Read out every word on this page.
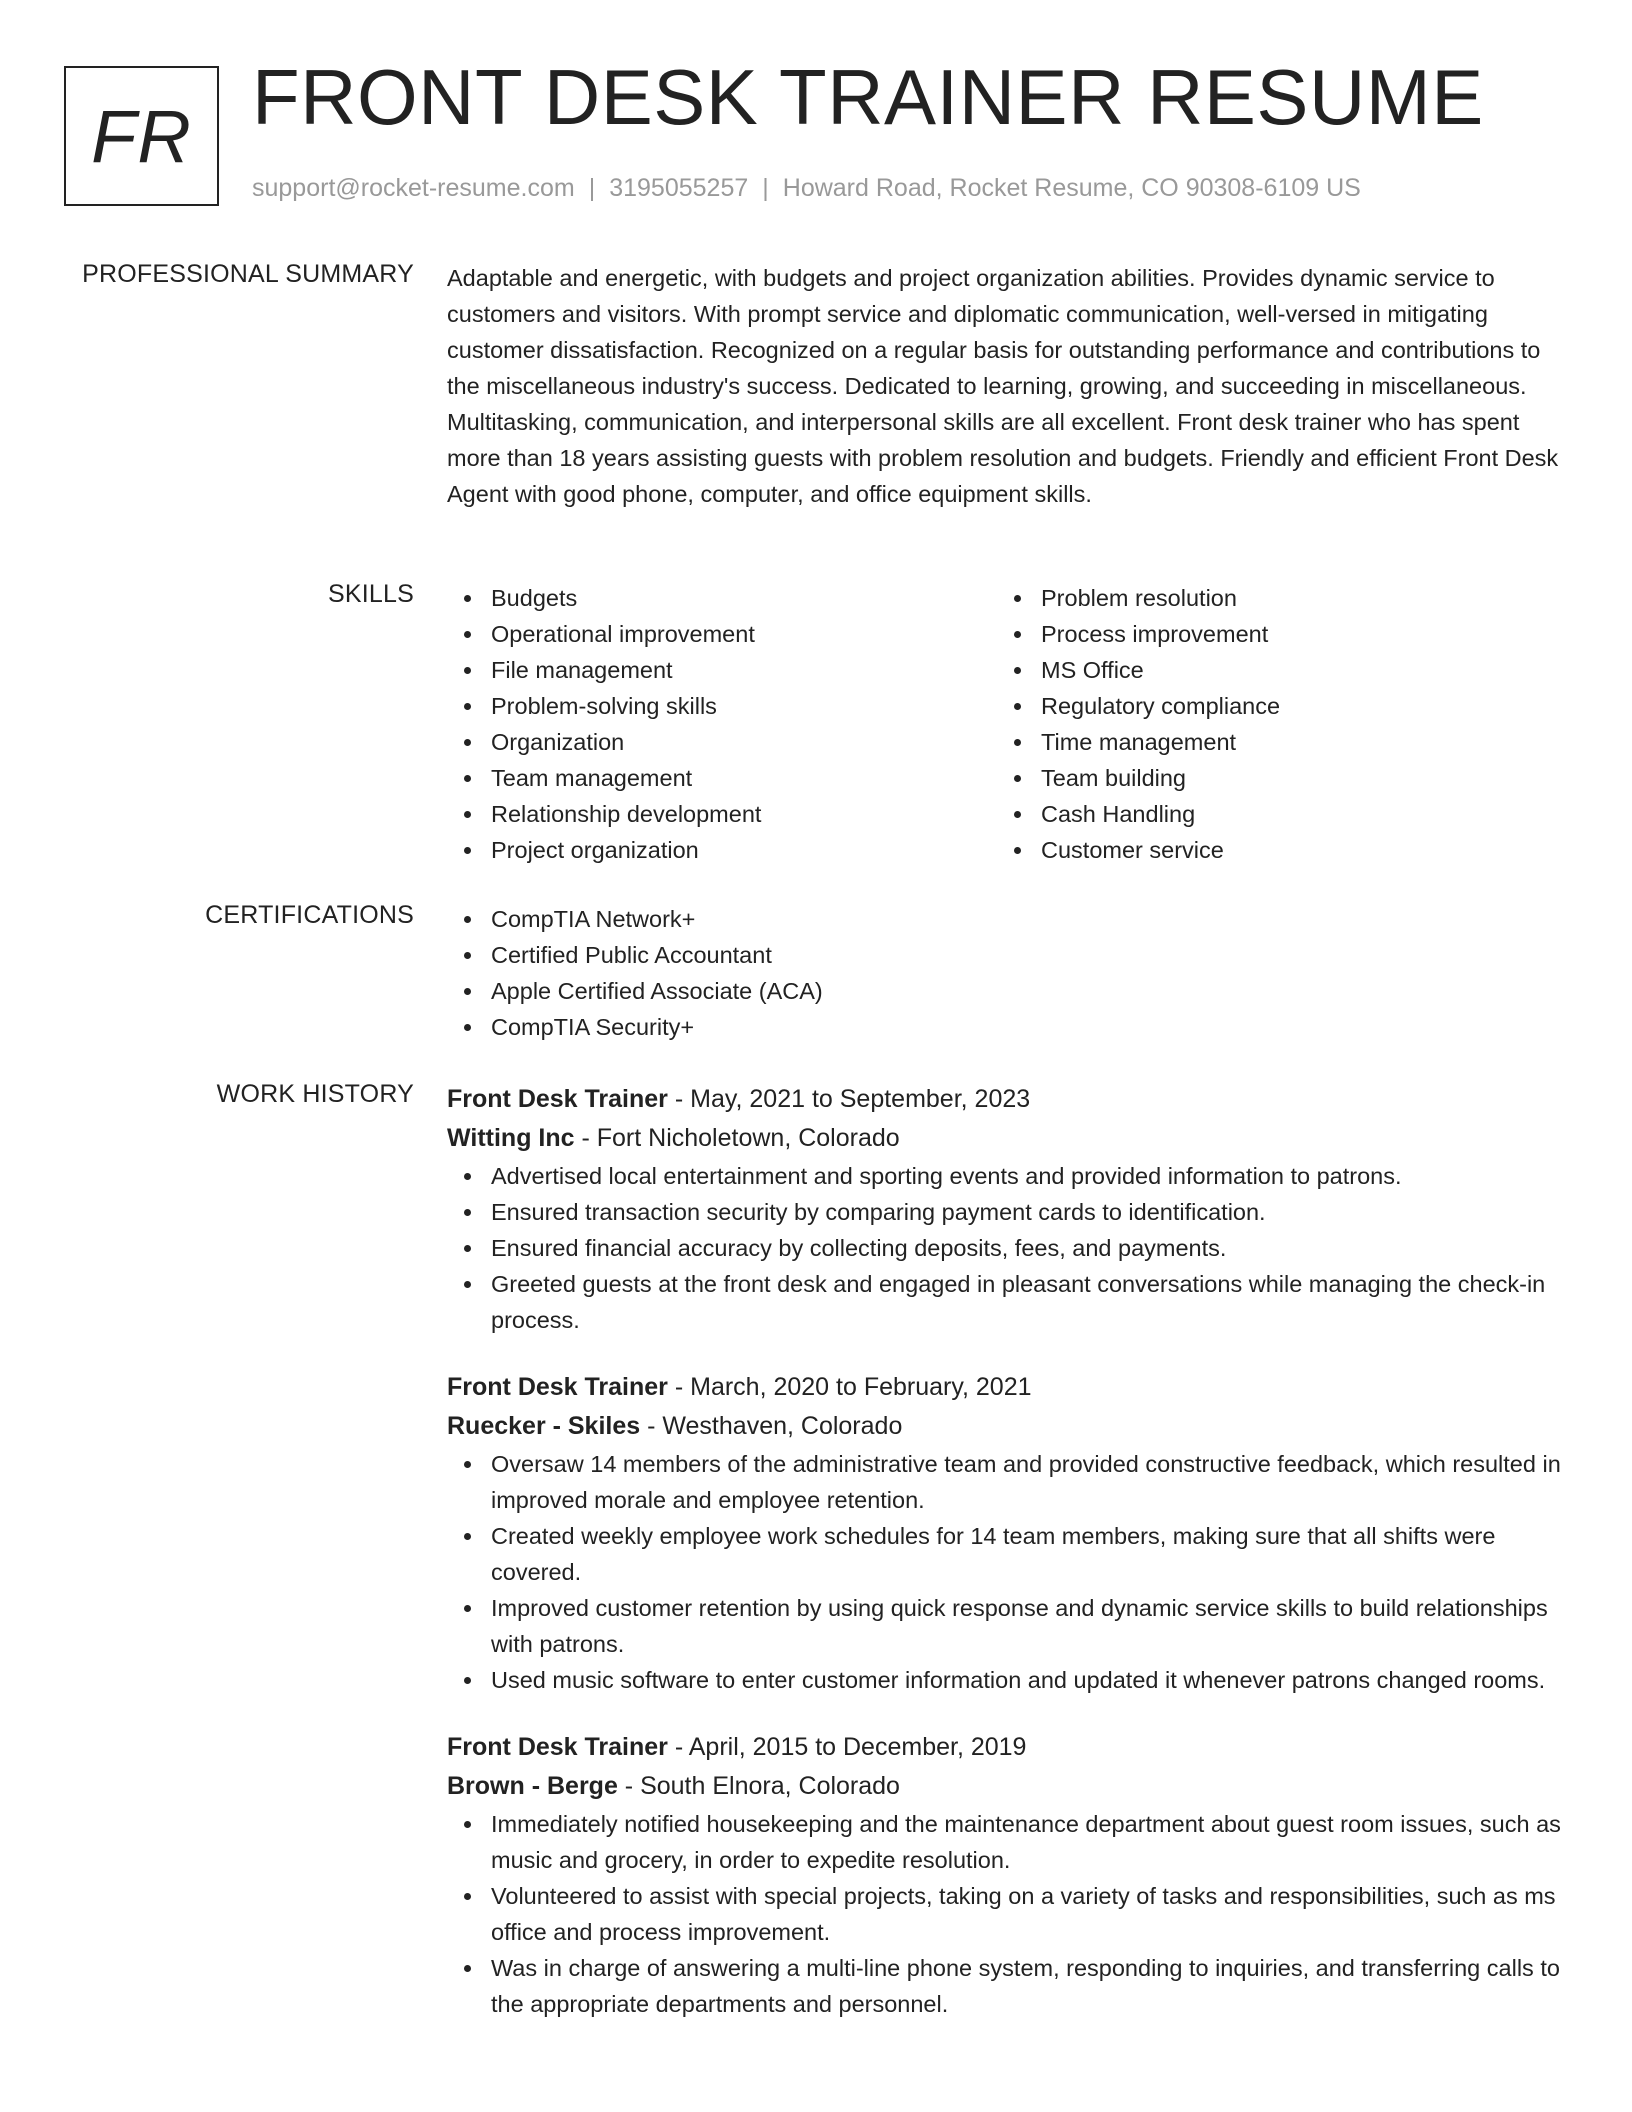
FR FRONT DESK TRAINER RESUME
support@rocket-resume.com | 3195055257 | Howard Road, Rocket Resume, CO 90308-6109 US
PROFESSIONAL SUMMARY Adaptable and energetic, with budgets and project organization abilities. Provides dynamic service to customers and visitors. With prompt service and diplomatic communication, well-versed in mitigating customer dissatisfaction. Recognized on a regular basis for outstanding performance and contributions to the miscellaneous industry's success. Dedicated to learning, growing, and succeeding in miscellaneous. Multitasking, communication, and interpersonal skills are all excellent. Front desk trainer who has spent more than 18 years assisting guests with problem resolution and budgets. Friendly and efficient Front Desk Agent with good phone, computer, and office equipment skills.

SKILLS	Budgets
Operational improvement
File management
Problem-solving skills
Organization
Team management
Relationship development
Project organization
Problem resolution
Process improvement
MS Office
Regulatory compliance
Time management
Team building
Cash Handling
Customer service
CERTIFICATIONS	CompTIA Network+
Certified Public Accountant
Apple Certified Associate (ACA)
CompTIA Security+
WORK HISTORY Front Desk Trainer - May, 2021 to September, 2023
Witting Inc - Fort Nicholetown, Colorado
Advertised local entertainment and sporting events and provided information to patrons.
Ensured transaction security by comparing payment cards to identification.
Ensured financial accuracy by collecting deposits, fees, and payments.
Greeted guests at the front desk and engaged in pleasant conversations while managing the check-in process.
Front Desk Trainer - March, 2020 to February, 2021
Ruecker - Skiles - Westhaven, Colorado
Oversaw 14 members of the administrative team and provided constructive feedback, which resulted in improved morale and employee retention.
Created weekly employee work schedules for 14 team members, making sure that all shifts were covered.
Improved customer retention by using quick response and dynamic service skills to build relationships with patrons.
Used music software to enter customer information and updated it whenever patrons changed rooms.
Front Desk Trainer - April, 2015 to December, 2019
Brown - Berge - South Elnora, Colorado
Immediately notified housekeeping and the maintenance department about guest room issues, such as music and grocery, in order to expedite resolution.
Volunteered to assist with special projects, taking on a variety of tasks and responsibilities, such as ms office and process improvement.
Was in charge of answering a multi-line phone system, responding to inquiries, and transferring calls to the appropriate departments and personnel.
